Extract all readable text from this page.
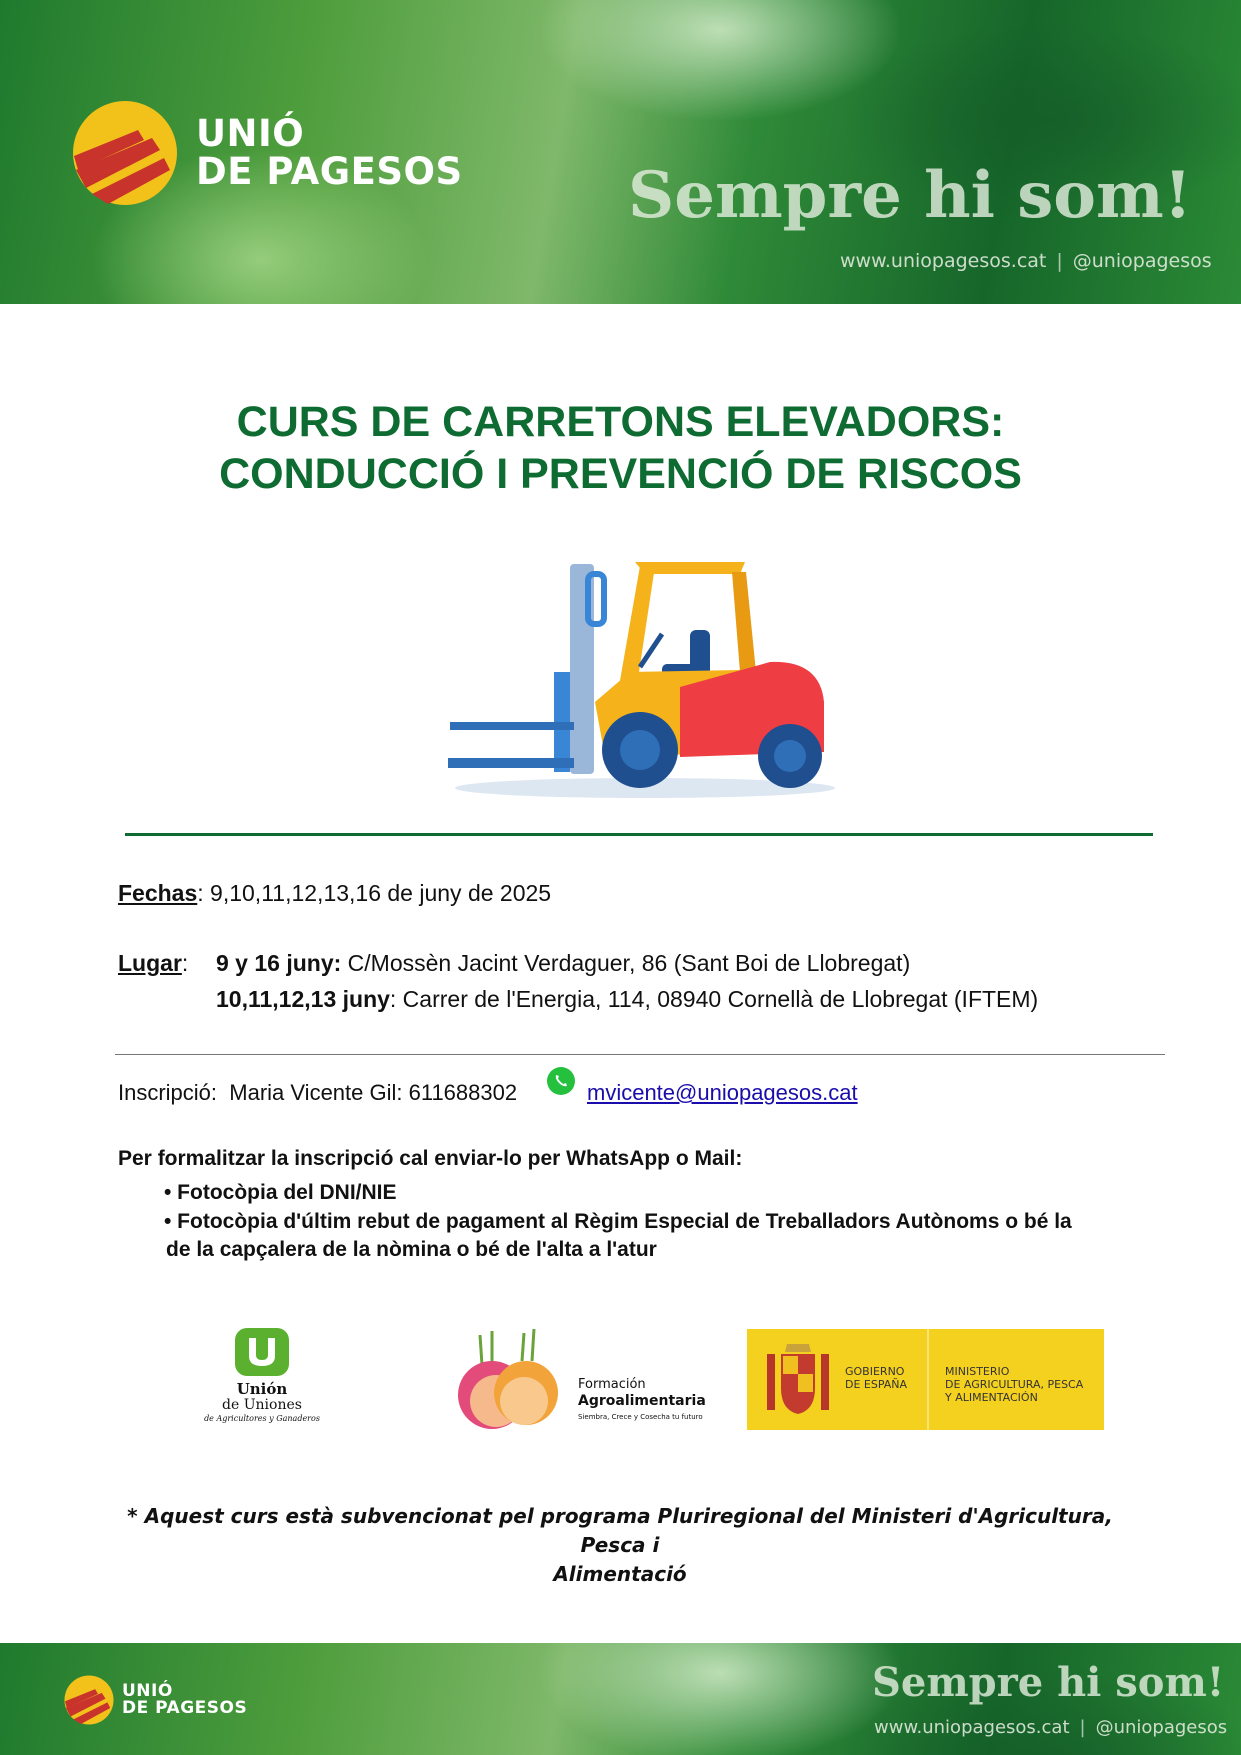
UNIÓ
DE PAGESOS	Sempre hi som!
www.uniopagesos.cat | @uniopagesos
CURS DE CARRETONS ELEVADORS:
CONDUCCIÓ I PREVENCIÓ DE RISCOS
Fechas: 9,10,11,12,13,16 de juny de 2025
Lugar: 9 y 16 juny: C/Mossèn Jacint Verdaguer, 86 (Sant Boi de Llobregat)
10,11,12,13 juny: Carrer de l'Energia, 114, 08940 Cornellà de Llobregat (IFTEM)
Inscripció: Maria Vicente Gil: 611688302	mvicente@uniopagesos.cat
Per formalitzar la inscripció cal enviar-lo per WhatsApp o Mail:
• Fotocòpia del DNI/NIE
• Fotocòpia d'últim rebut de pagament al Règim Especial de Treballadors Autònoms o bé la
de la capçalera de la nòmina o bé de l'alta a l'atur
Unión
de Uniones
de Agricultores y Ganaderos
Formación
Agroalimentaria
Siembra, Crece y Cosecha tu futuro
GOBIERNO
DE ESPAÑA
MINISTERIO
DE AGRICULTURA, PESCA
Y ALIMENTACIÓN
* Aquest curs està subvencionat pel programa Pluriregional del Ministeri d'Agricultura, Pesca i
Alimentació
UNIÓ
DE PAGESOS
Sempre hi som!
www.uniopagesos.cat | @uniopagesos
